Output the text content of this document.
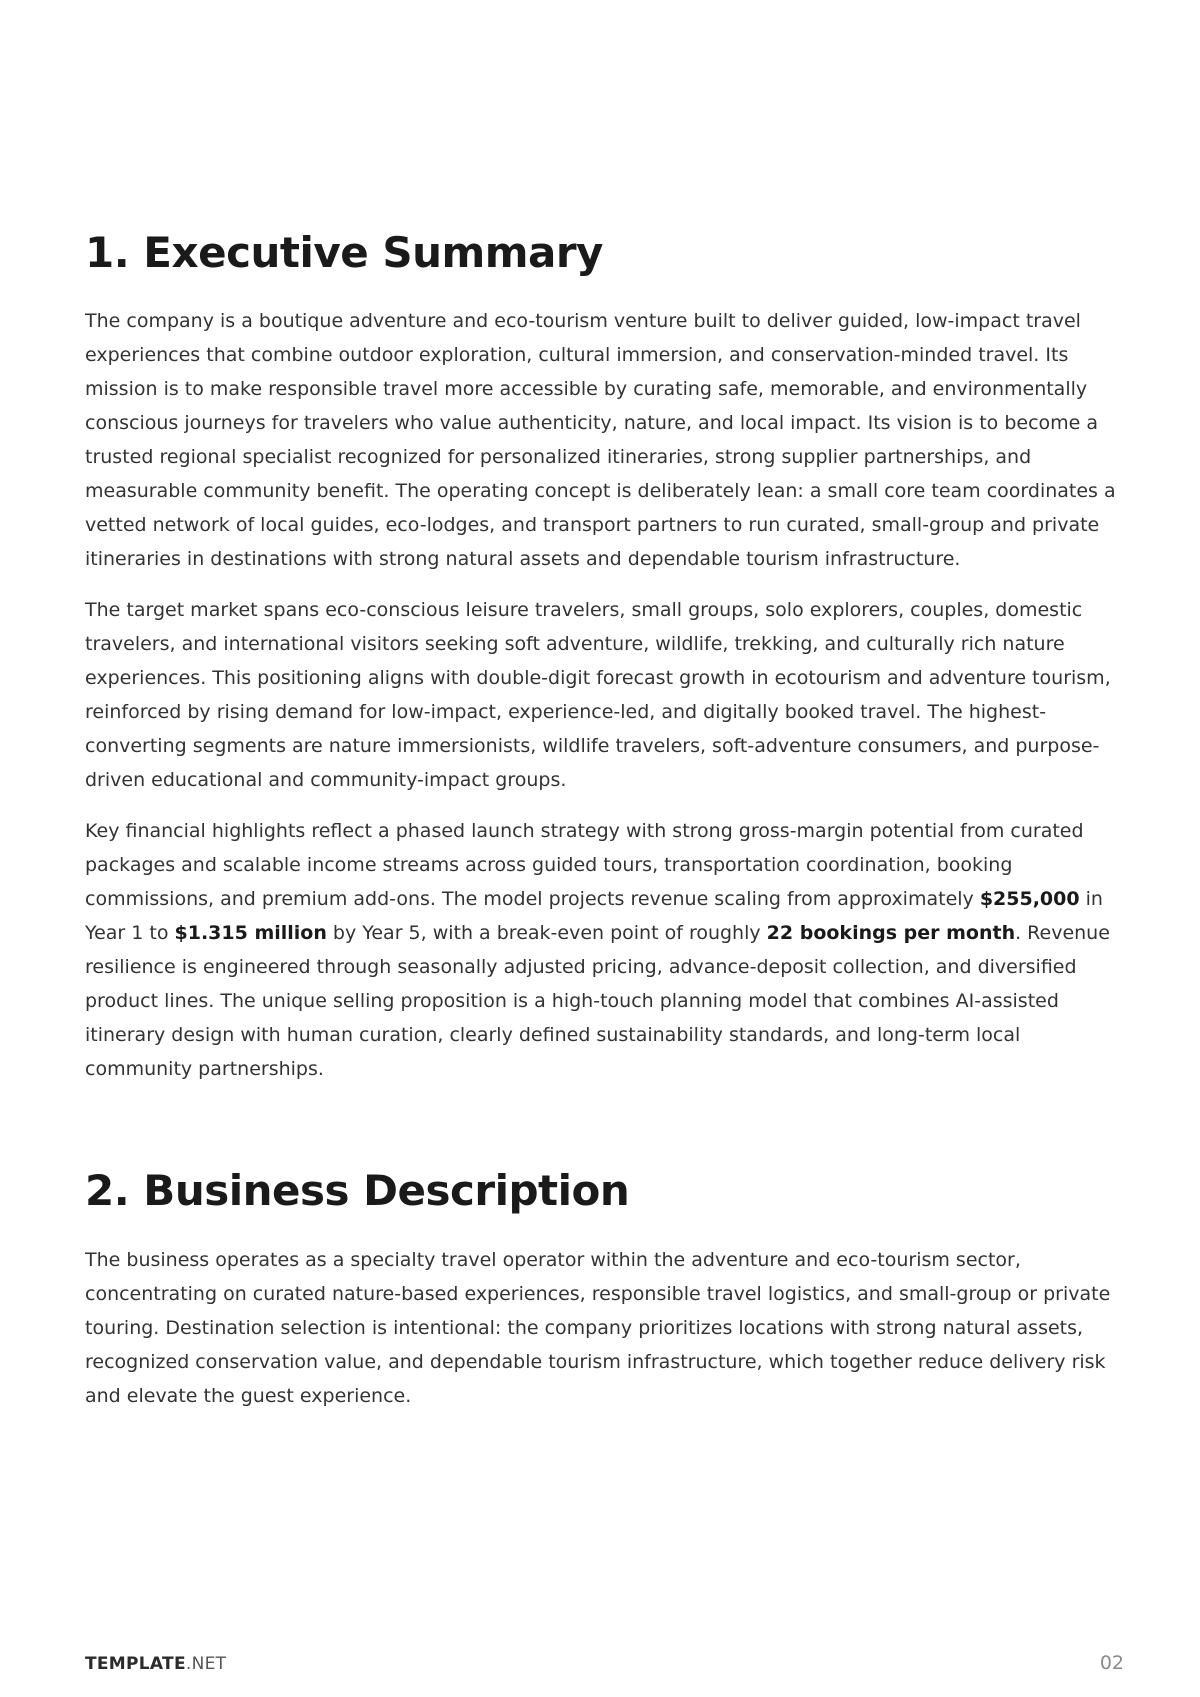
1. Executive Summary

The company is a boutique adventure and eco-tourism venture built to deliver guided, low-impact travel experiences that combine outdoor exploration, cultural immersion, and conservation-minded travel. Its mission is to make responsible travel more accessible by curating safe, memorable, and environmentally conscious journeys for travelers who value authenticity, nature, and local impact. Its vision is to become a trusted regional specialist recognized for personalized itineraries, strong supplier partnerships, and measurable community benefit. The operating concept is deliberately lean: a small core team coordinates a vetted network of local guides, eco-lodges, and transport partners to run curated, small-group and private itineraries in destinations with strong natural assets and dependable tourism infrastructure.

The target market spans eco-conscious leisure travelers, small groups, solo explorers, couples, domestic travelers, and international visitors seeking soft adventure, wildlife, trekking, and culturally rich nature experiences. This positioning aligns with double-digit forecast growth in ecotourism and adventure tourism, reinforced by rising demand for low-impact, experience-led, and digitally booked travel. The highest-converting segments are nature immersionists, wildlife travelers, soft-adventure consumers, and purpose-driven educational and community-impact groups.

Key financial highlights reflect a phased launch strategy with strong gross-margin potential from curated packages and scalable income streams across guided tours, transportation coordination, booking commissions, and premium add-ons. The model projects revenue scaling from approximately $255,000 in Year 1 to $1.315 million by Year 5, with a break-even point of roughly 22 bookings per month. Revenue resilience is engineered through seasonally adjusted pricing, advance-deposit collection, and diversified product lines. The unique selling proposition is a high-touch planning model that combines AI-assisted itinerary design with human curation, clearly defined sustainability standards, and long-term local community partnerships.

2. Business Description

The business operates as a specialty travel operator within the adventure and eco-tourism sector, concentrating on curated nature-based experiences, responsible travel logistics, and small-group or private touring. Destination selection is intentional: the company prioritizes locations with strong natural assets, recognized conservation value, and dependable tourism infrastructure, which together reduce delivery risk and elevate the guest experience.

TEMPLATE.NET	02
